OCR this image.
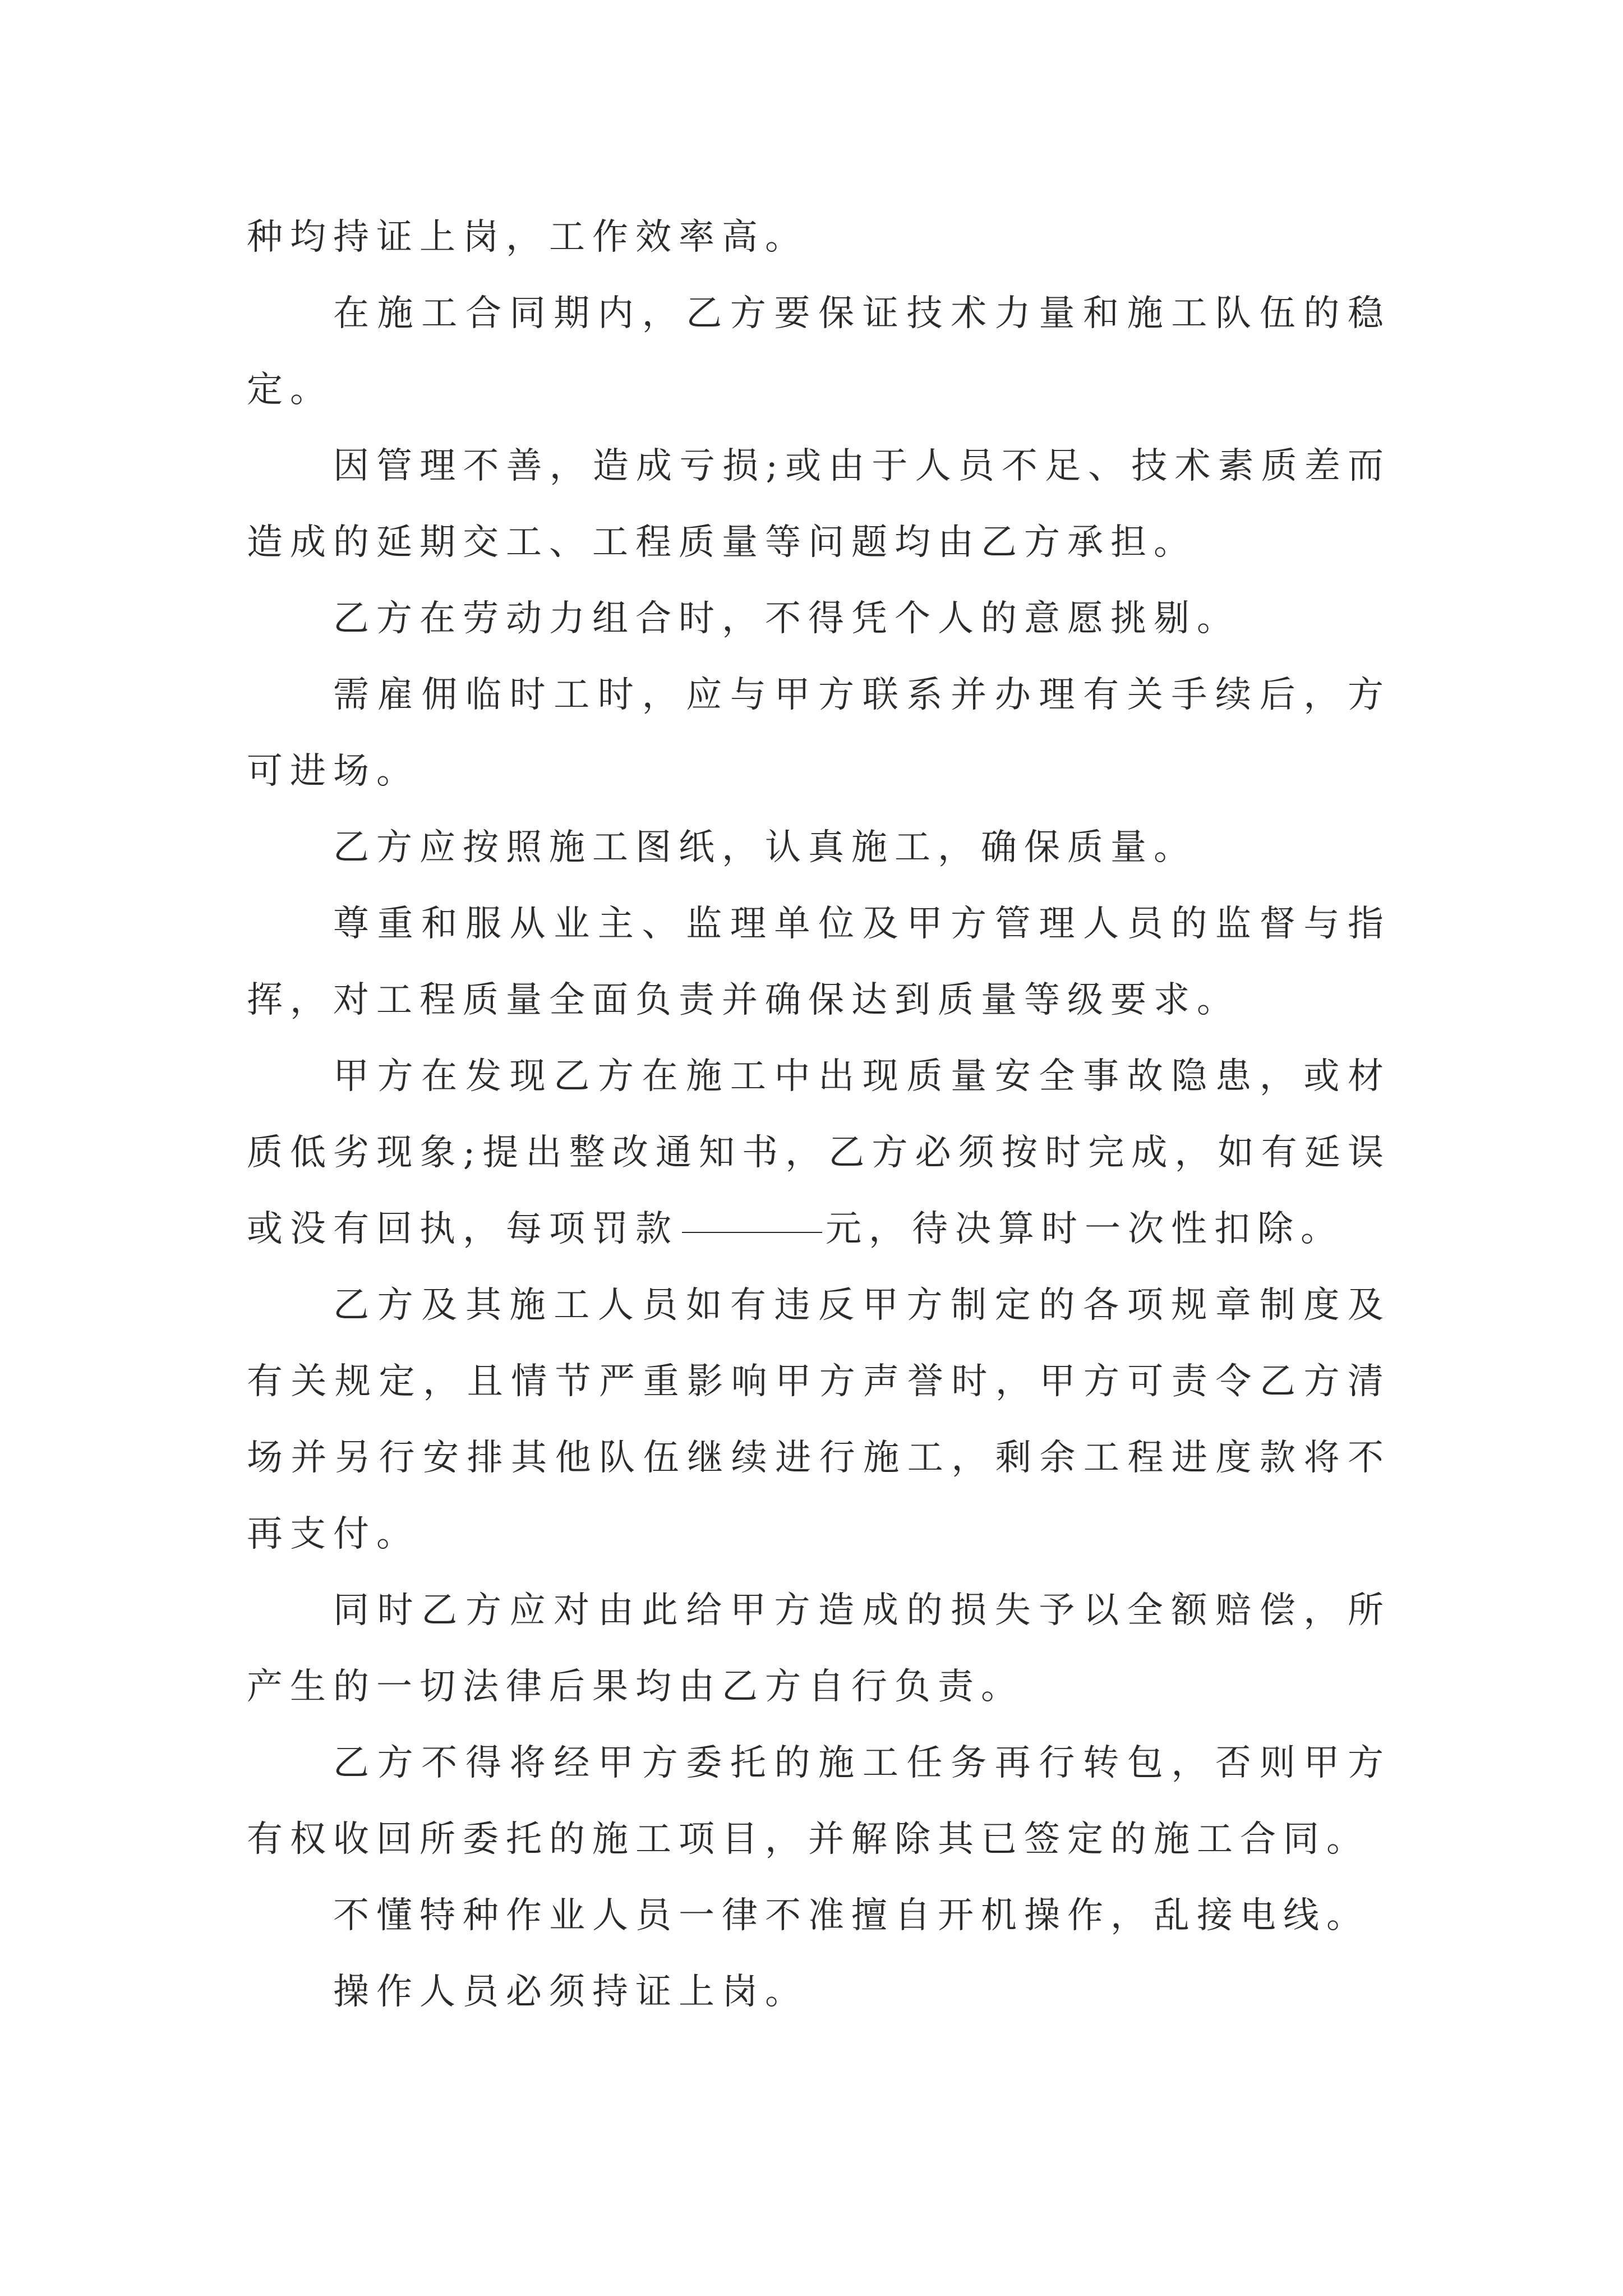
种均持证上岗，工作效率高。

在施工合同期内，乙方要保证技术力量和施工队伍的稳定。

因管理不善，造成亏损;或由于人员不足、技术素质差而造成的延期交工、工程质量等问题均由乙方承担。

乙方在劳动力组合时，不得凭个人的意愿挑剔。

需雇佣临时工时，应与甲方联系并办理有关手续后，方可进场。

乙方应按照施工图纸，认真施工，确保质量。

尊重和服从业主、监理单位及甲方管理人员的监督与指挥，对工程质量全面负责并确保达到质量等级要求。

甲方在发现乙方在施工中出现质量安全事故隐患，或材质低劣现象;提出整改通知书，乙方必须按时完成，如有延误或没有回执，每项罚款	元，待决算时一次性扣除。

乙方及其施工人员如有违反甲方制定的各项规章制度及有关规定，且情节严重影响甲方声誉时，甲方可责令乙方清场并另行安排其他队伍继续进行施工，剩余工程进度款将不再支付。

同时乙方应对由此给甲方造成的损失予以全额赔偿，所产生的一切法律后果均由乙方自行负责。

乙方不得将经甲方委托的施工任务再行转包，否则甲方有权收回所委托的施工项目，并解除其已签定的施工合同。

不懂特种作业人员一律不准擅自开机操作，乱接电线。

操作人员必须持证上岗。
